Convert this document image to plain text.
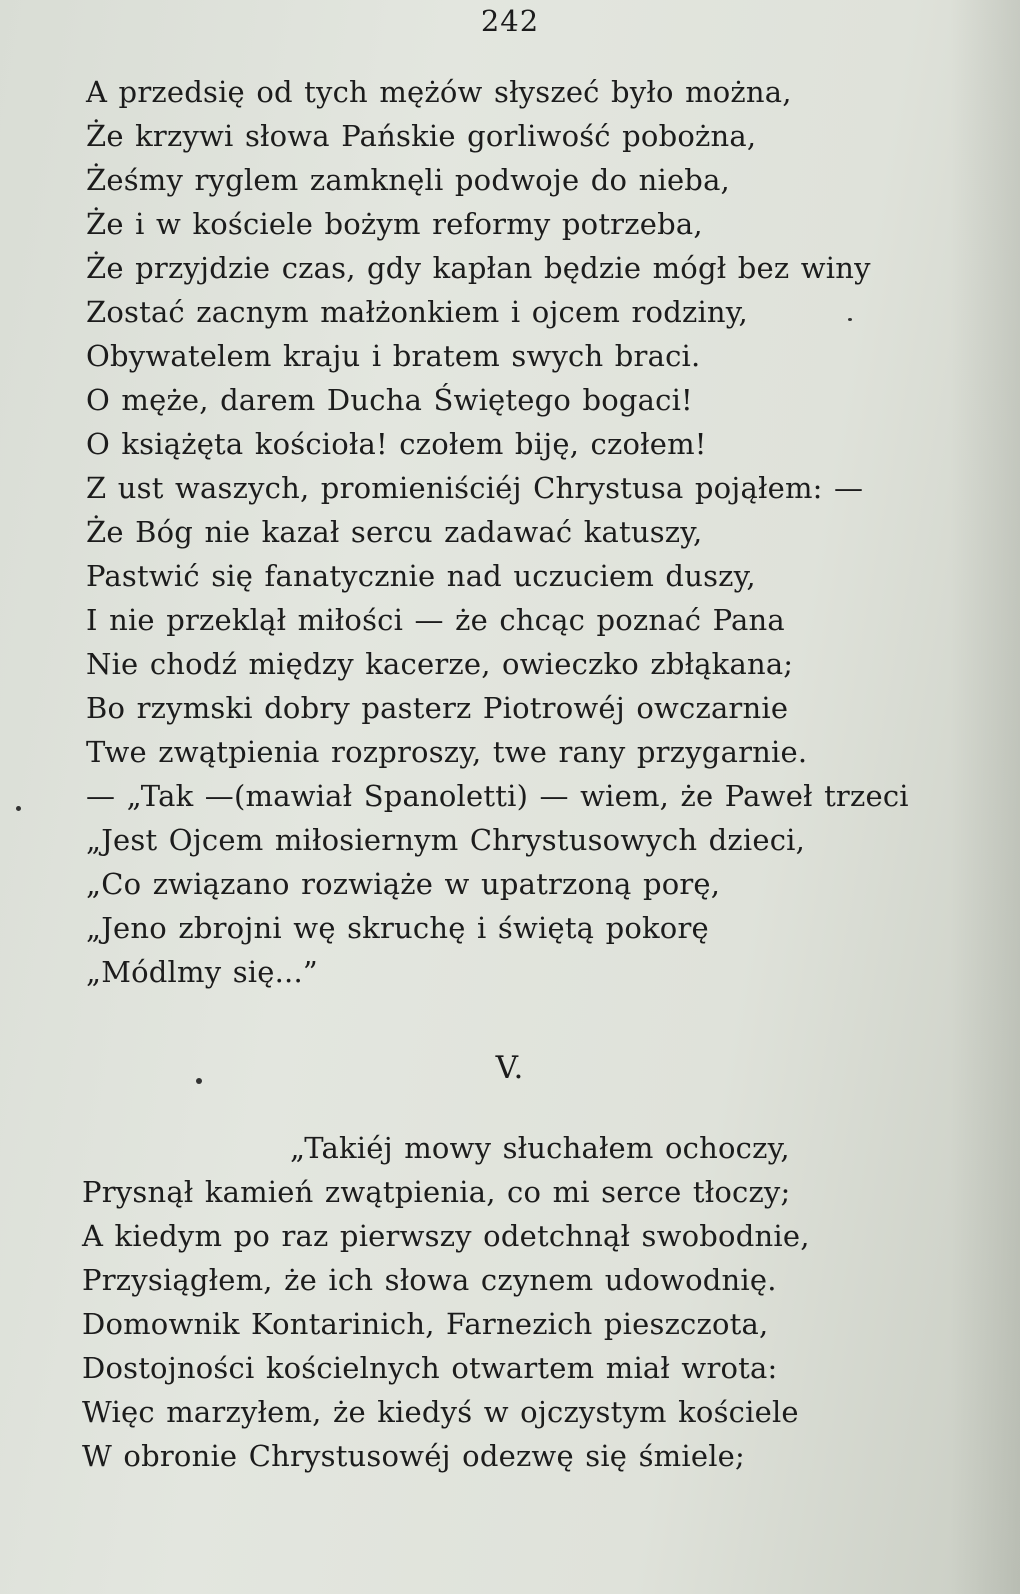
242
A przedsię od tych mężów słyszeć było można,
Że krzywi słowa Pańskie gorliwość pobożna,
Żeśmy ryglem zamknęli podwoje do nieba,
Że i w kościele bożym reformy potrzeba,
Że przyjdzie czas, gdy kapłan będzie mógł bez winy
Zostać zacnym małżonkiem i ojcem rodziny,
Obywatelem kraju i bratem swych braci.
O męże, darem Ducha Świętego bogaci!
O książęta kościoła! czołem biję, czołem!
Z ust waszych, promieniściéj Chrystusa pojąłem: —
Że Bóg nie kazał sercu zadawać katuszy,
Pastwić się fanatycznie nad uczuciem duszy,
I nie przeklął miłości — że chcąc poznać Pana
Nie chodź między kacerze, owieczko zbłąkana;
Bo rzymski dobry pasterz Piotrowéj owczarnie
Twe zwątpienia rozproszy, twe rany przygarnie.
— „Tak —(mawiał Spanoletti) — wiem, że Paweł trzeci
„Jest Ojcem miłosiernym Chrystusowych dzieci,
„Co związano rozwiąże w upatrzoną porę,
„Jeno zbrojni wę skruchę i świętą pokorę
„Módlmy się...”
V.
„Takiéj mowy słuchałem ochoczy,
Prysnął kamień zwątpienia, co mi serce tłoczy;
A kiedym po raz pierwszy odetchnął swobodnie,
Przysiągłem, że ich słowa czynem udowodnię.
Domownik Kontarinich, Farnezich pieszczota,
Dostojności kościelnych otwartem miał wrota:
Więc marzyłem, że kiedyś w ojczystym kościele
W obronie Chrystusowéj odezwę się śmiele;
